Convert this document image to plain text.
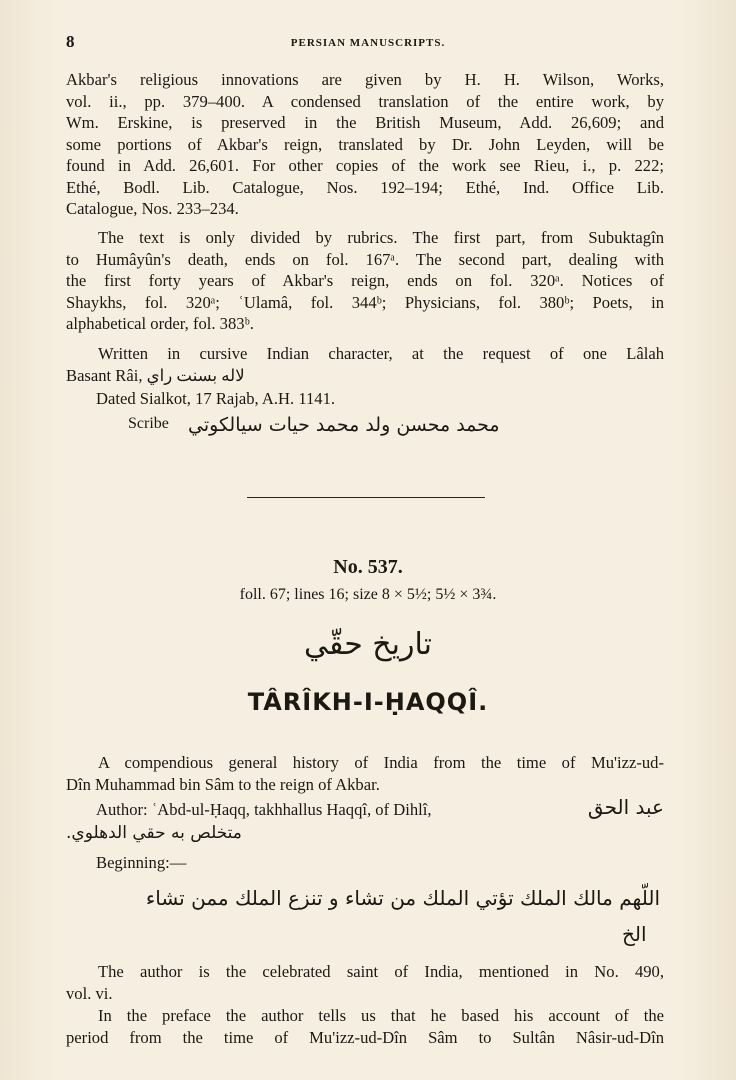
8	PERSIAN MANUSCRIPTS.
Akbar's religious innovations are given by H. H. Wilson, Works,
vol. ii., pp. 379–400. A condensed translation of the entire work, by
Wm. Erskine, is preserved in the British Museum, Add. 26,609; and
some portions of Akbar's reign, translated by Dr. John Leyden, will be
found in Add. 26,601. For other copies of the work see Rieu, i., p. 222;
Ethé, Bodl. Lib. Catalogue, Nos. 192–194; Ethé, Ind. Office Lib.
Catalogue, Nos. 233–234.
The text is only divided by rubrics. The first part, from Subuktagîn
to Humâyûn's death, ends on fol. 167ᵃ. The second part, dealing with
the first forty years of Akbar's reign, ends on fol. 320ᵃ. Notices of
Shaykhs, fol. 320ᵃ; ʿUlamâ, fol. 344ᵇ; Physicians, fol. 380ᵇ; Poets, in
alphabetical order, fol. 383ᵇ.
Written in cursive Indian character, at the request of one Lâlah
Basant Râi, لاله بسنت راي
Dated Sialkot, 17 Rajab, A.H. 1141.
Scribe محمد محسن ولد محمد حیات سیالکوتي
No. 537.
foll. 67; lines 16; size 8 × 5½; 5½ × 3¾.
تاريخ حقّي
TÂRÎKH-I-ḤAQQÎ.
A compendious general history of India from the time of Mu'izz-ud-
Dîn Muhammad bin Sâm to the reign of Akbar.
Author: ʿAbd-ul-Ḥaqq, takhhallus Haqqî, of Dihlî,	عبد الحق
متخلص به حقي الدهلوي.
Beginning:—
اللّهم مالك الملك تؤتي الملك من تشاء و تنزع الملك ممن تشاء
الخ
The author is the celebrated saint of India, mentioned in No. 490,
vol. vi.
In the preface the author tells us that he based his account of the
period from the time of Mu'izz-ud-Dîn Sâm to Sultân Nâsir-ud-Dîn
